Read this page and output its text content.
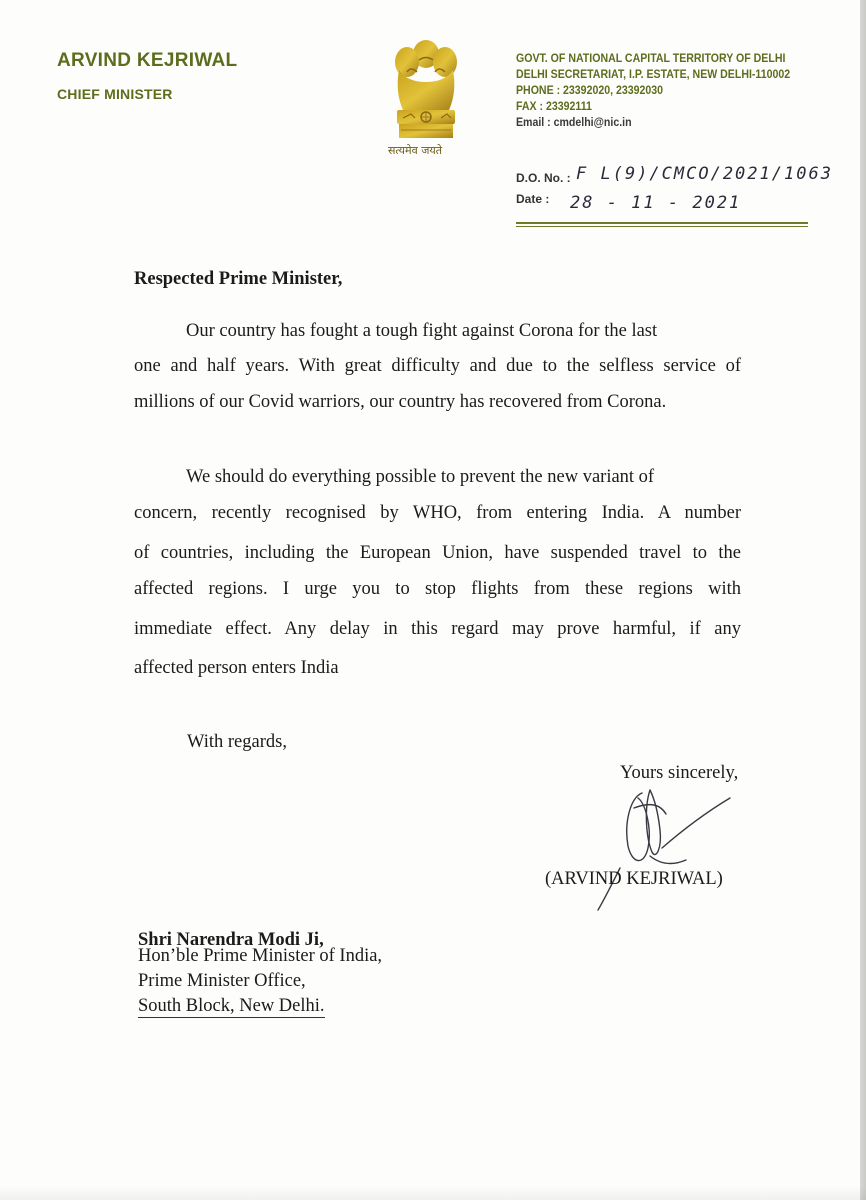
ARVIND KEJRIWAL
CHIEF MINISTER
सत्यमेव जयते
GOVT. OF NATIONAL CAPITAL TERRITORY OF DELHI
DELHI SECRETARIAT, I.P. ESTATE, NEW DELHI-110002
PHONE : 23392020, 23392030
FAX : 23392111
Email : cmdelhi@nic.in
D.O. No. : F L(9)/CMCO/2021/1063
Date :	28 - 11 - 2021
Respected Prime Minister,
Our country has fought a tough fight against Corona for the last
one and half years. With great difficulty and due to the selfless service of
millions of our Covid warriors, our country has recovered from Corona.
We should do everything possible to prevent the new variant of
concern, recently recognised by WHO, from entering India. A number
of countries, including the European Union, have suspended travel to the
affected regions. I urge you to stop flights from these regions with
immediate effect. Any delay in this regard may prove harmful, if any
affected person enters India
With regards,
Yours sincerely,
(ARVIND KEJRIWAL)
Shri Narendra Modi Ji,
Hon’ble Prime Minister of India,
Prime Minister Office,
South Block, New Delhi.
